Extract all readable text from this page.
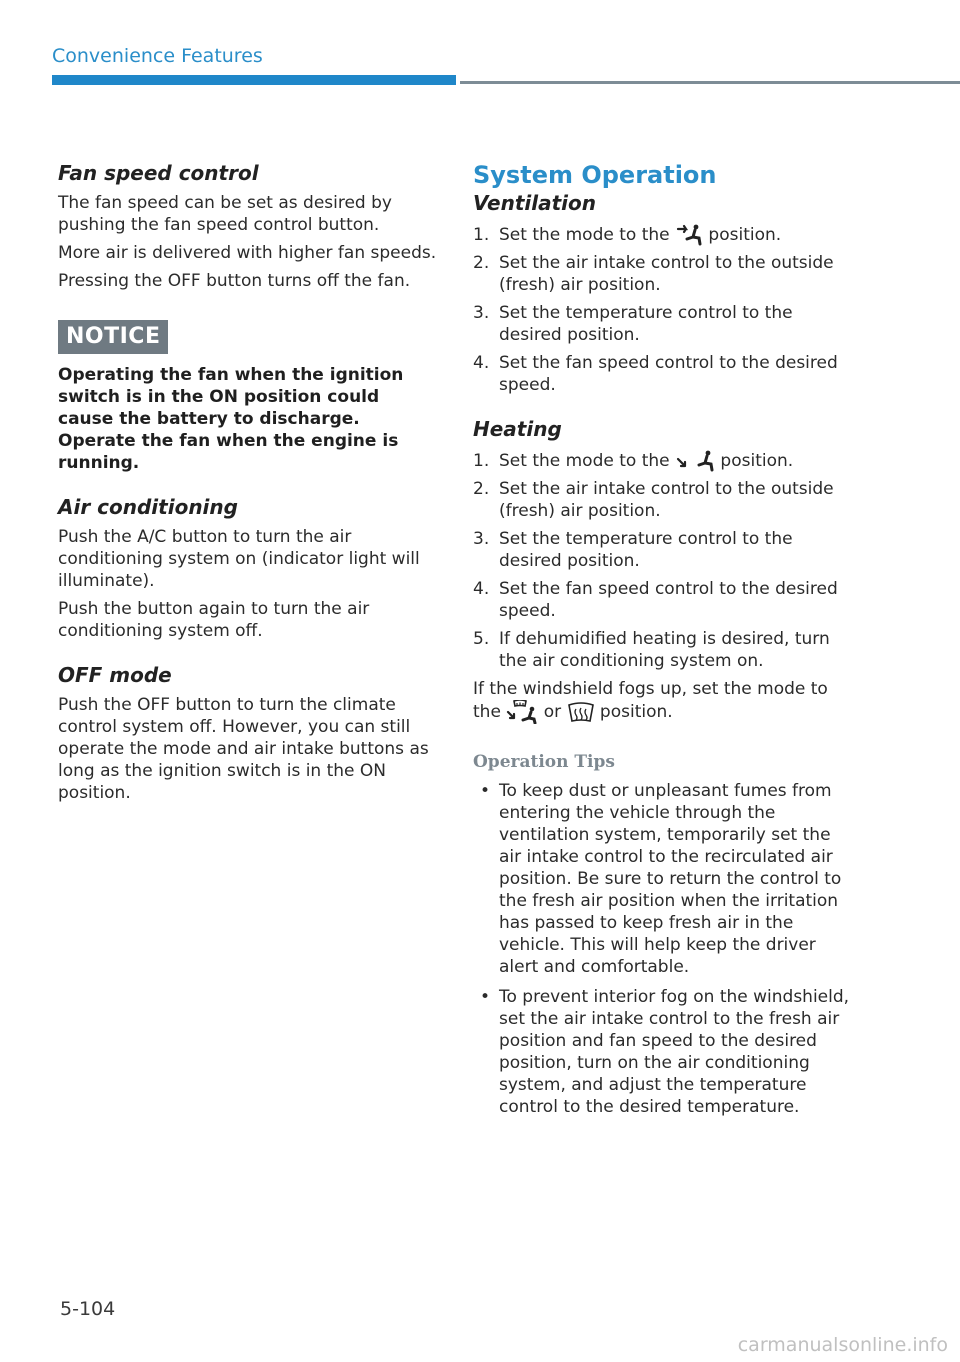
Convenience Features
Fan speed control

The fan speed can be set as desired by pushing the fan speed control button.

More air is delivered with higher fan speeds.

Pressing the OFF button turns off the fan.

NOTICE

Operating the fan when the ignition switch is in the ON position could cause the battery to discharge. Operate the fan when the engine is running.

Air conditioning

Push the A/C button to turn the air conditioning system on (indicator light will illuminate).

Push the button again to turn the air conditioning system off.

OFF mode

Push the OFF button to turn the climate control system off. However, you can still operate the mode and air intake buttons as long as the ignition switch is in the ON position.

System Operation
Ventilation
1. Set the mode to the position.
2. Set the air intake control to the outside (fresh) air position.
3. Set the temperature control to the desired position.
4. Set the fan speed control to the desired speed.
Heating
1. Set the mode to the	position.
2. Set the air intake control to the outside (fresh) air position.
3. Set the temperature control to the desired position.
4. Set the fan speed control to the desired speed.
5. If dehumidified heating is desired, turn the air conditioning system on.

If the windshield fogs up, set the mode to the	or position.

Operation Tips
• To keep dust or unpleasant fumes from entering the vehicle through the ventilation system, temporarily set the air intake control to the recirculated air position. Be sure to return the control to the fresh air position when the irritation has passed to keep fresh air in the vehicle. This will help keep the driver alert and comfortable.
• To prevent interior fog on the windshield, set the air intake control to the fresh air position and fan speed to the desired position, turn on the air conditioning system, and adjust the temperature control to the desired temperature.
5-104
carmanualsonline.info
